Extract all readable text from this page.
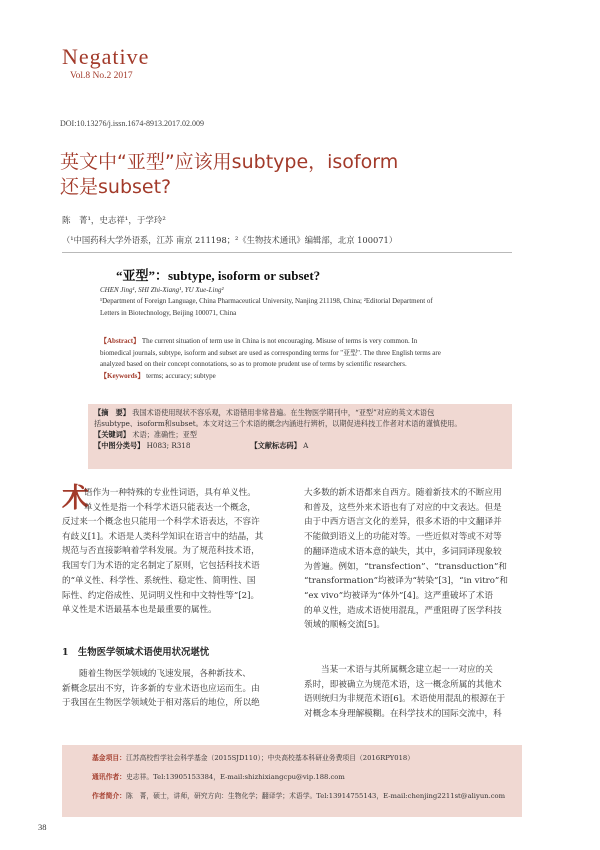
Negative
Vol.8 No.2 2017
DOI:10.13276/j.issn.1674-8913.2017.02.009
英文中“亚型”应该用subtype，isoform
还是subset?
陈　菁¹，史志祥¹，于学玲²
（¹中国药科大学外语系，江苏 南京 211198；²《生物技术通讯》编辑部，北京 100071）
“亚型”：subtype, isoform or subset?
CHEN Jing¹, SHI Zhi-Xiang¹, YU Xue-Ling²
¹Department of Foreign Language, China Pharmaceutical University, Nanjing 211198, China; ²Editorial Department of
Letters in Biotechnology, Beijing 100071, China
【Abstract】 The current situation of term use in China is not encouraging. Misuse of terms is very common. In
biomedical journals, subtype, isoform and subset are used as corresponding terms for "亚型". The three English terms are
analyzed based on their concept connotations, so as to promote prudent use of terms by scientific researchers.
【Keywords】 terms; accuracy; subtype
【摘　要】 我国术语使用现状不容乐观，术语错用非常普遍。在生物医学期刊中，“亚型”对应的英文术语包
括subtype、isoform和subset。本文对这三个术语的概念内涵进行辨析，以期促进科技工作者对术语的谨慎使用。
【关键词】 术语；准确性；亚型
【中图分类号】 H083; R318	【文献标志码】 A
术
语作为一种特殊的专业性词语，具有单义性。
单义性是指一个科学术语只能表达一个概念，
反过来一个概念也只能用一个科学术语表达，不容许
有歧义[1]。术语是人类科学知识在语言中的结晶，其
规范与否直接影响着学科发展。为了规范科技术语，
我国专门为术语的定名制定了原则，它包括科技术语
的“单义性、科学性、系统性、稳定性、简明性、国
际性、约定俗成性、见词明义性和中文特性等”[2]。
单义性是术语最基本也是最重要的属性。
1　生物医学领域术语使用状况堪忧
随着生物医学领域的飞速发展，各种新技术、
新概念层出不穷，许多新的专业术语也应运而生。由
于我国在生物医学领域处于相对落后的地位，所以绝
大多数的新术语都来自西方。随着新技术的不断应用
和普及，这些外来术语也有了对应的中文表达。但是
由于中西方语言文化的差异，很多术语的中文翻译并
不能做到语义上的功能对等。一些近似对等或不对等
的翻译造成术语本意的缺失，其中，多词同译现象较
为普遍。例如，“transfection”、“transduction”和
“transformation”均被译为“转染”[3]，“in vitro”和
“ex vivo”均被译为“体外”[4]。这严重破坏了术语
的单义性，造成术语使用混乱，严重阻碍了医学科技
领域的顺畅交流[5]。
当某一术语与其所属概念建立起一一对应的关
系时，即被确立为规范术语，这一概念所属的其他术
语则统归为非规范术语[6]。术语使用混乱的根源在于
对概念本身理解模糊。在科学技术的国际交流中，科
基金项目：江苏高校哲学社会科学基金（2015SJD110）；中央高校基本科研业务费项目（2016RPY018）
通讯作者：史志祥。Tel:13905153384，E-mail:shizhixiangcpu@vip.188.com
作者简介：陈　菁，硕士，讲师，研究方向：生物化学；翻译学；术语学。Tel:13914755143，E-mail:chenjing2211st@aliyun.com
38
